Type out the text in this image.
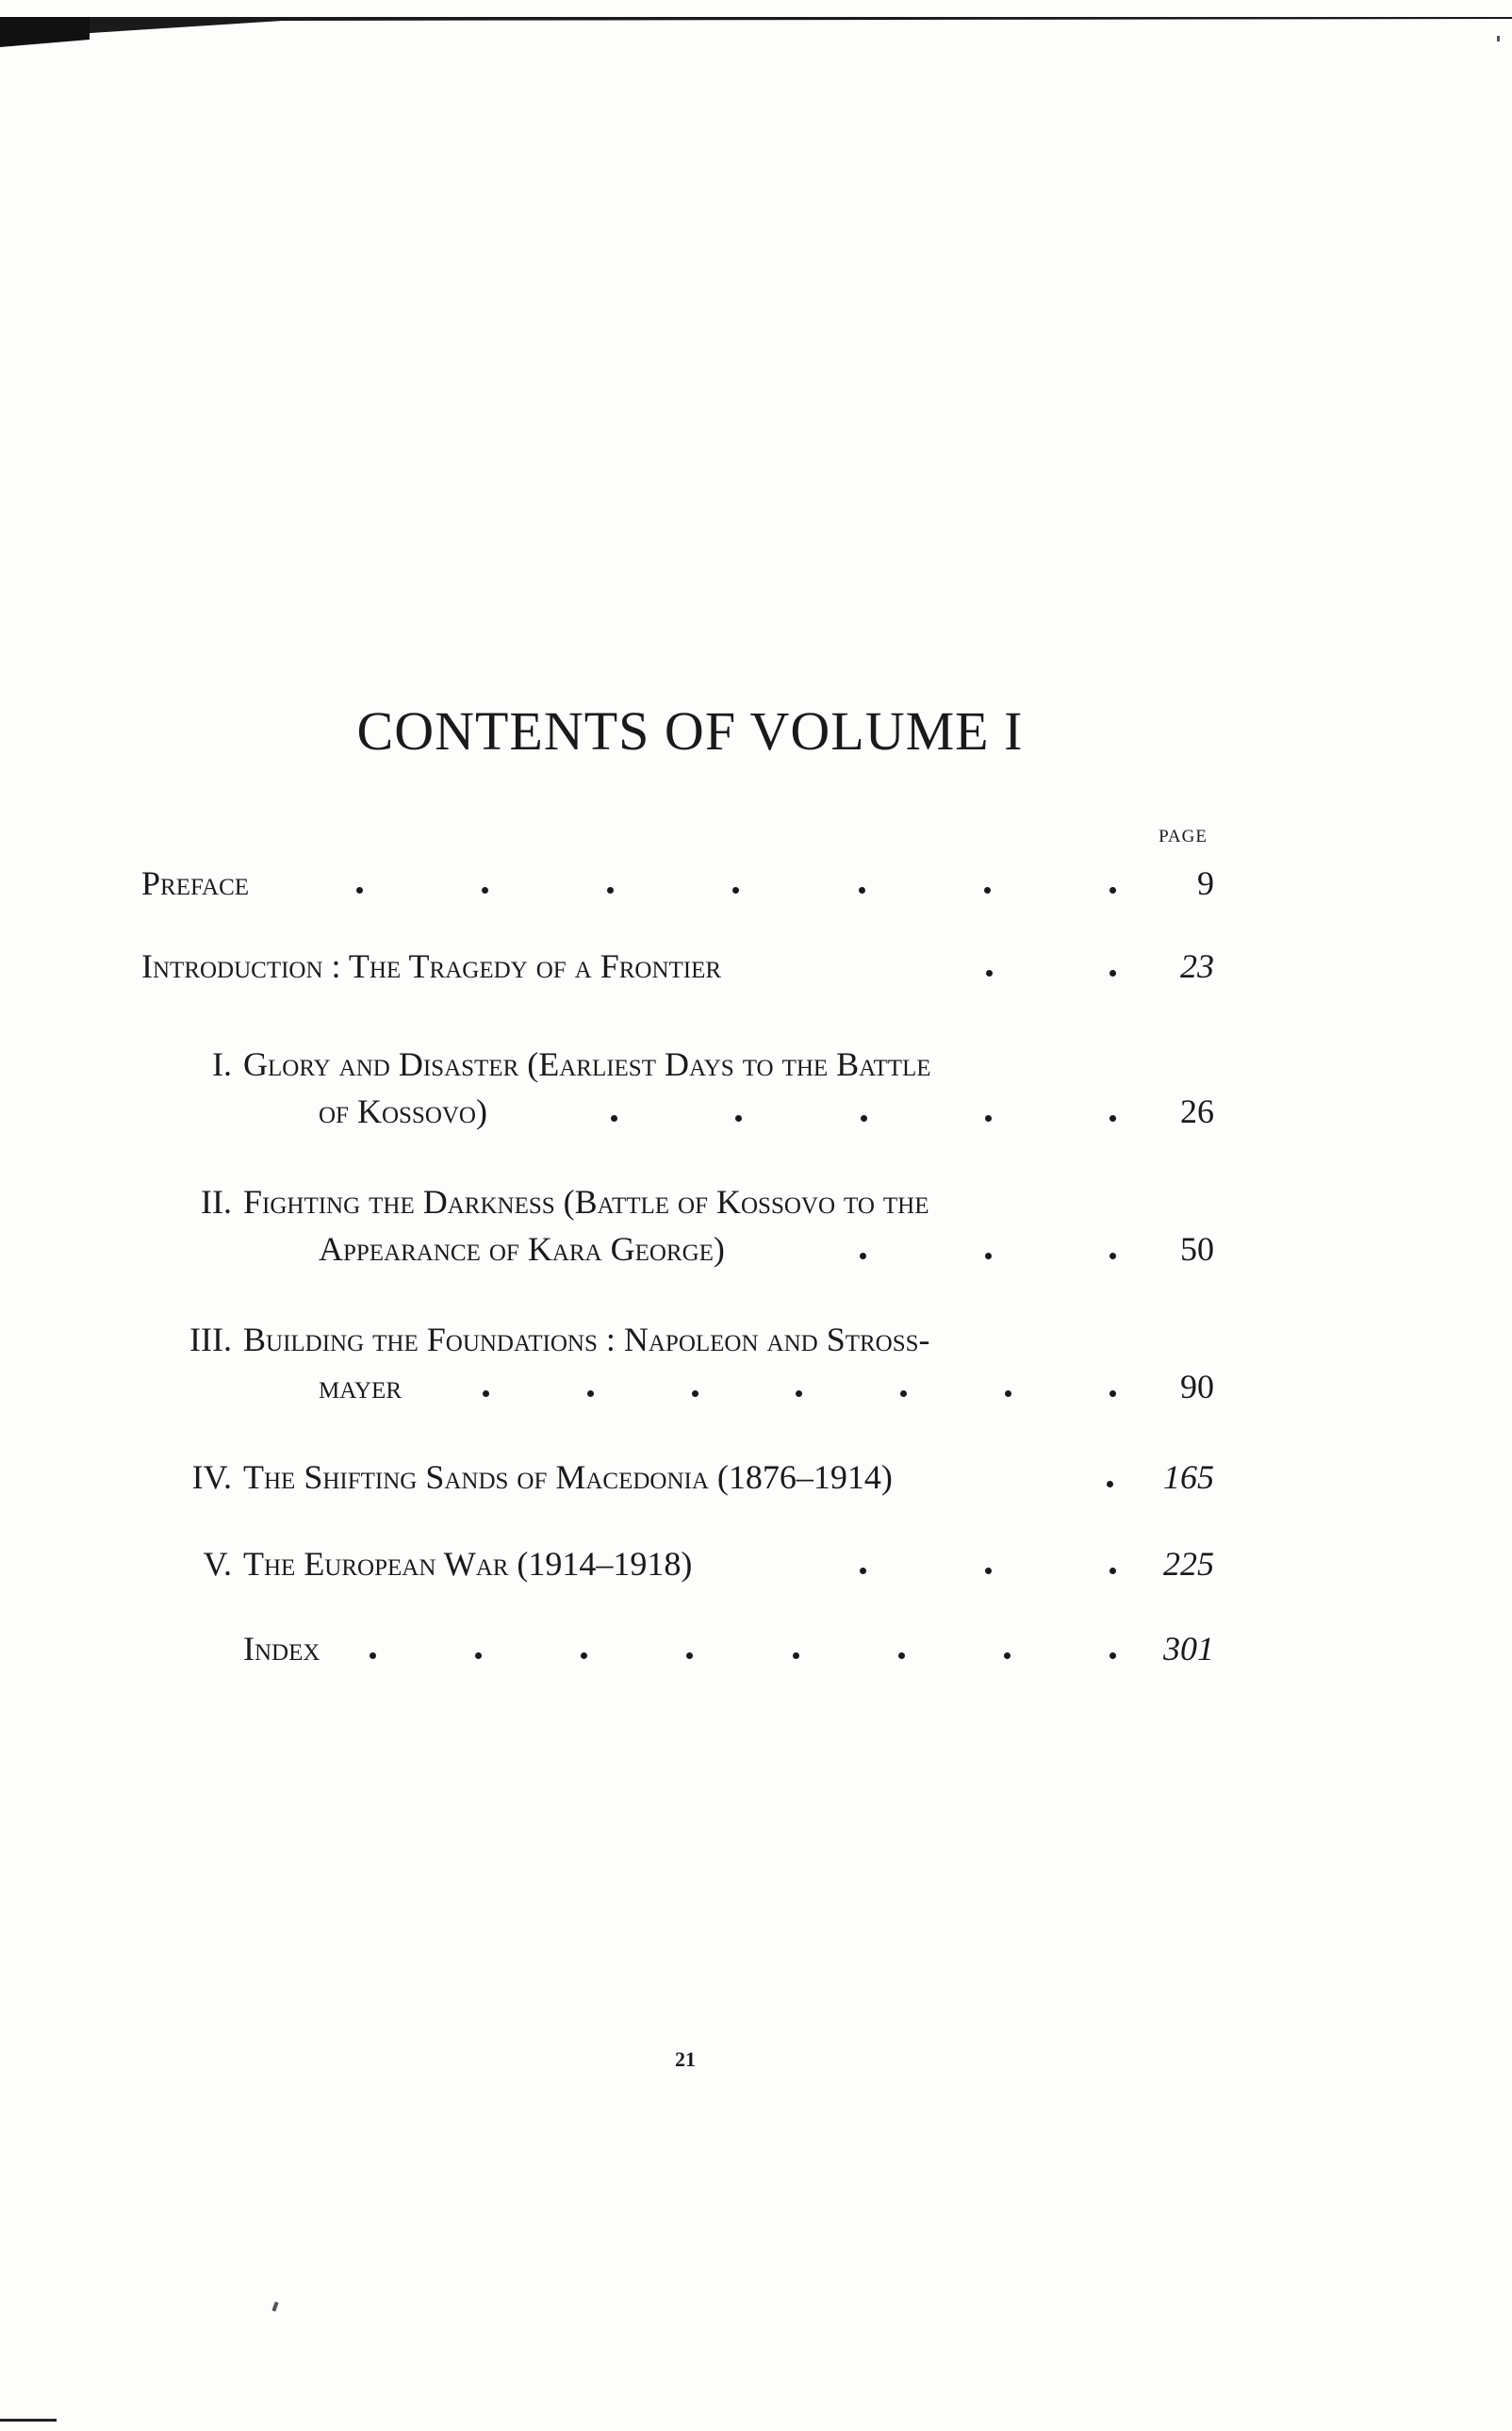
CONTENTS OF VOLUME I
PAGE
Preface	9
Introduction : The Tragedy of a Frontier	23
I. Glory and Disaster (Earliest Days to the Battle
of Kossovo)	26
II. Fighting the Darkness (Battle of Kossovo to the
Appearance of Kara George)	50
III. Building the Foundations : Napoleon and Stross-
mayer	90
IV. The Shifting Sands of Macedonia (1876–1914)	165
V. The European War (1914–1918)	225
Index	301
21
